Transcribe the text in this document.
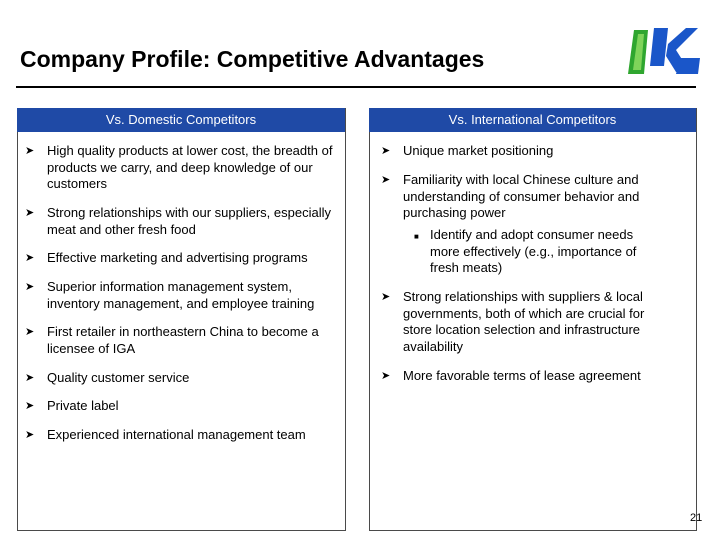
Company Profile: Competitive Advantages
Vs. Domestic Competitors	Vs. International Competitors
➤ High quality products at lower cost, the breadth of products we carry, and deep knowledge of our customers
➤ Strong relationships with our suppliers, especially meat and other fresh food
➤ Effective marketing and advertising programs
➤ Superior information management system, inventory management, and employee training
➤ First retailer in northeastern China to become a licensee of IGA
➤ Quality customer service
➤ Private label
➤ Experienced international management team
➤ Unique market positioning
➤ Familiarity with local Chinese culture and understanding of consumer behavior and purchasing power
■ Identify and adopt consumer needs more effectively (e.g., importance of fresh meats)
➤ Strong relationships with suppliers & local governments, both of which are crucial for store location selection and infrastructure availability
➤ More favorable terms of lease agreement
21
